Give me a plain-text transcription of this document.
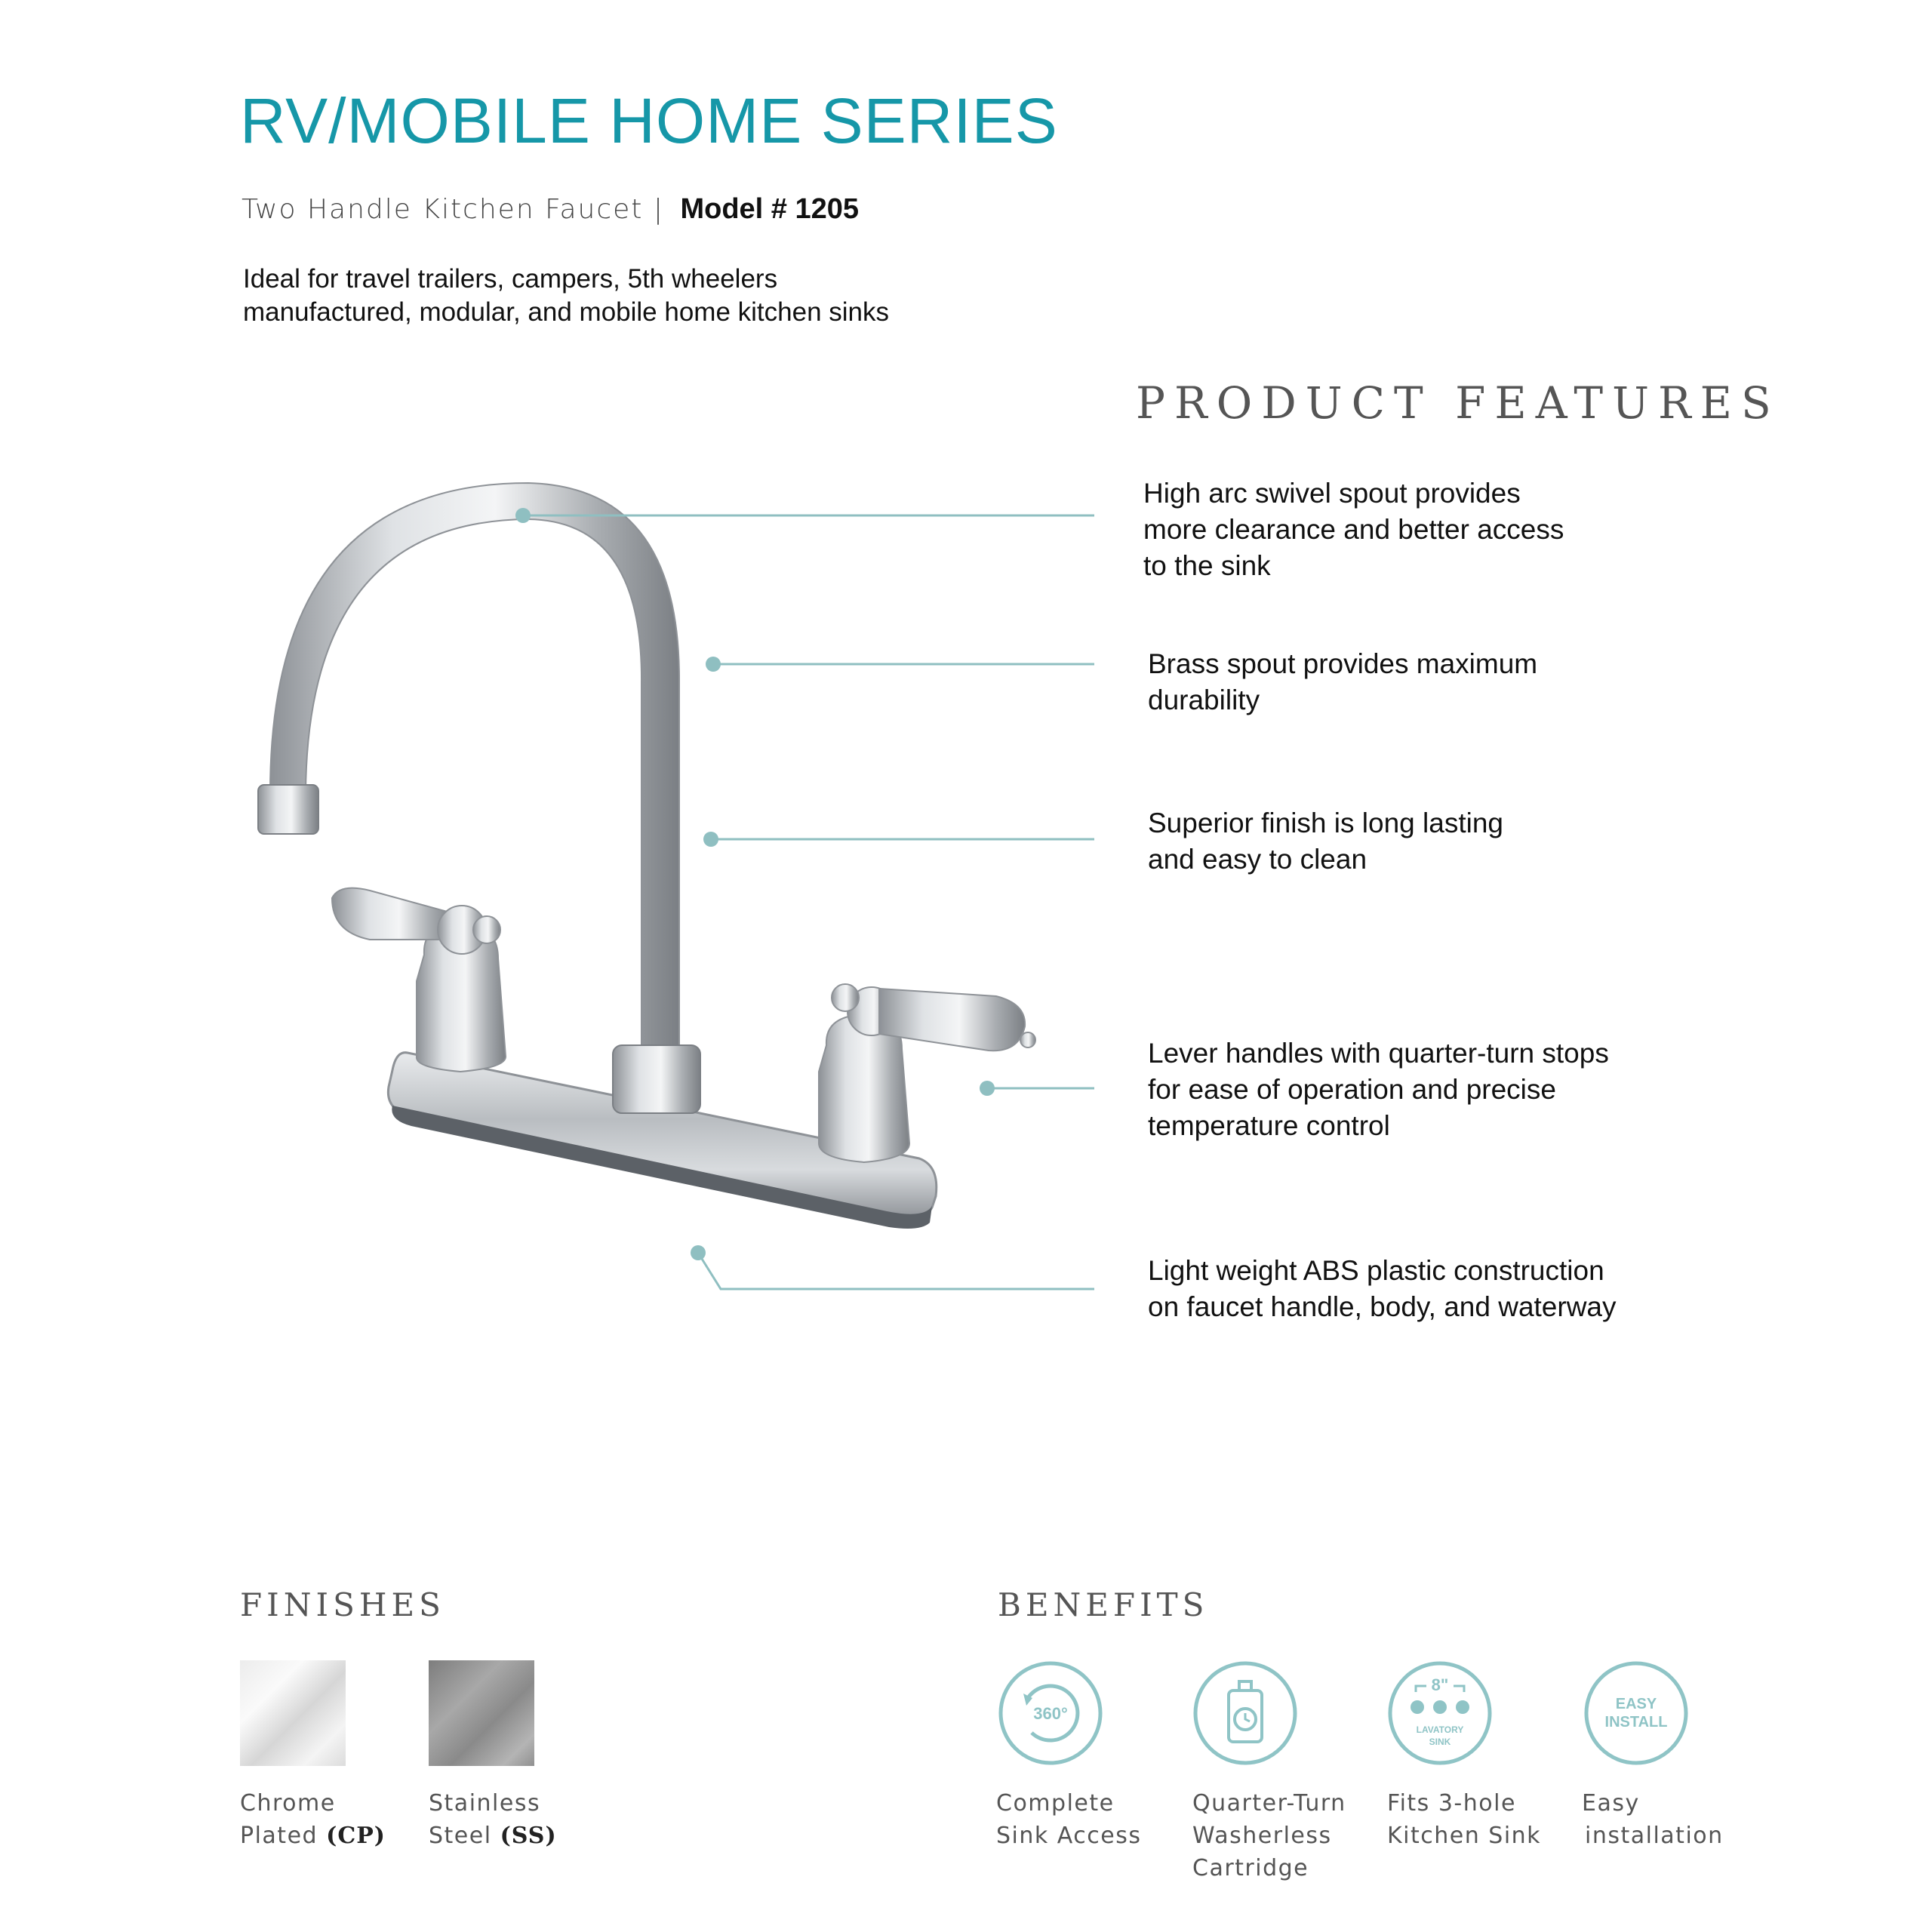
RV/MOBILE HOME SERIES
Two Handle Kitchen Faucet | Model # 1205
Ideal for travel trailers, campers, 5th wheelers
manufactured, modular, and mobile home kitchen sinks
PRODUCT FEATURES
High arc swivel spout provides
more clearance and better access
to the sink
Brass spout provides maximum
durability
Superior finish is long lasting
and easy to clean
Lever handles with quarter-turn stops
for ease of operation and precise
temperature control
Light weight ABS plastic construction
on faucet handle, body, and waterway
FINISHES
Chrome
Plated (CP)
Stainless
Steel (SS)
BENEFITS
360°
Complete
Sink Access
Quarter-Turn
Washerless
Cartridge
8"
LAVATORY
SINK
Fits 3-hole
Kitchen Sink
EASY
INSTALL
Easy
installation
